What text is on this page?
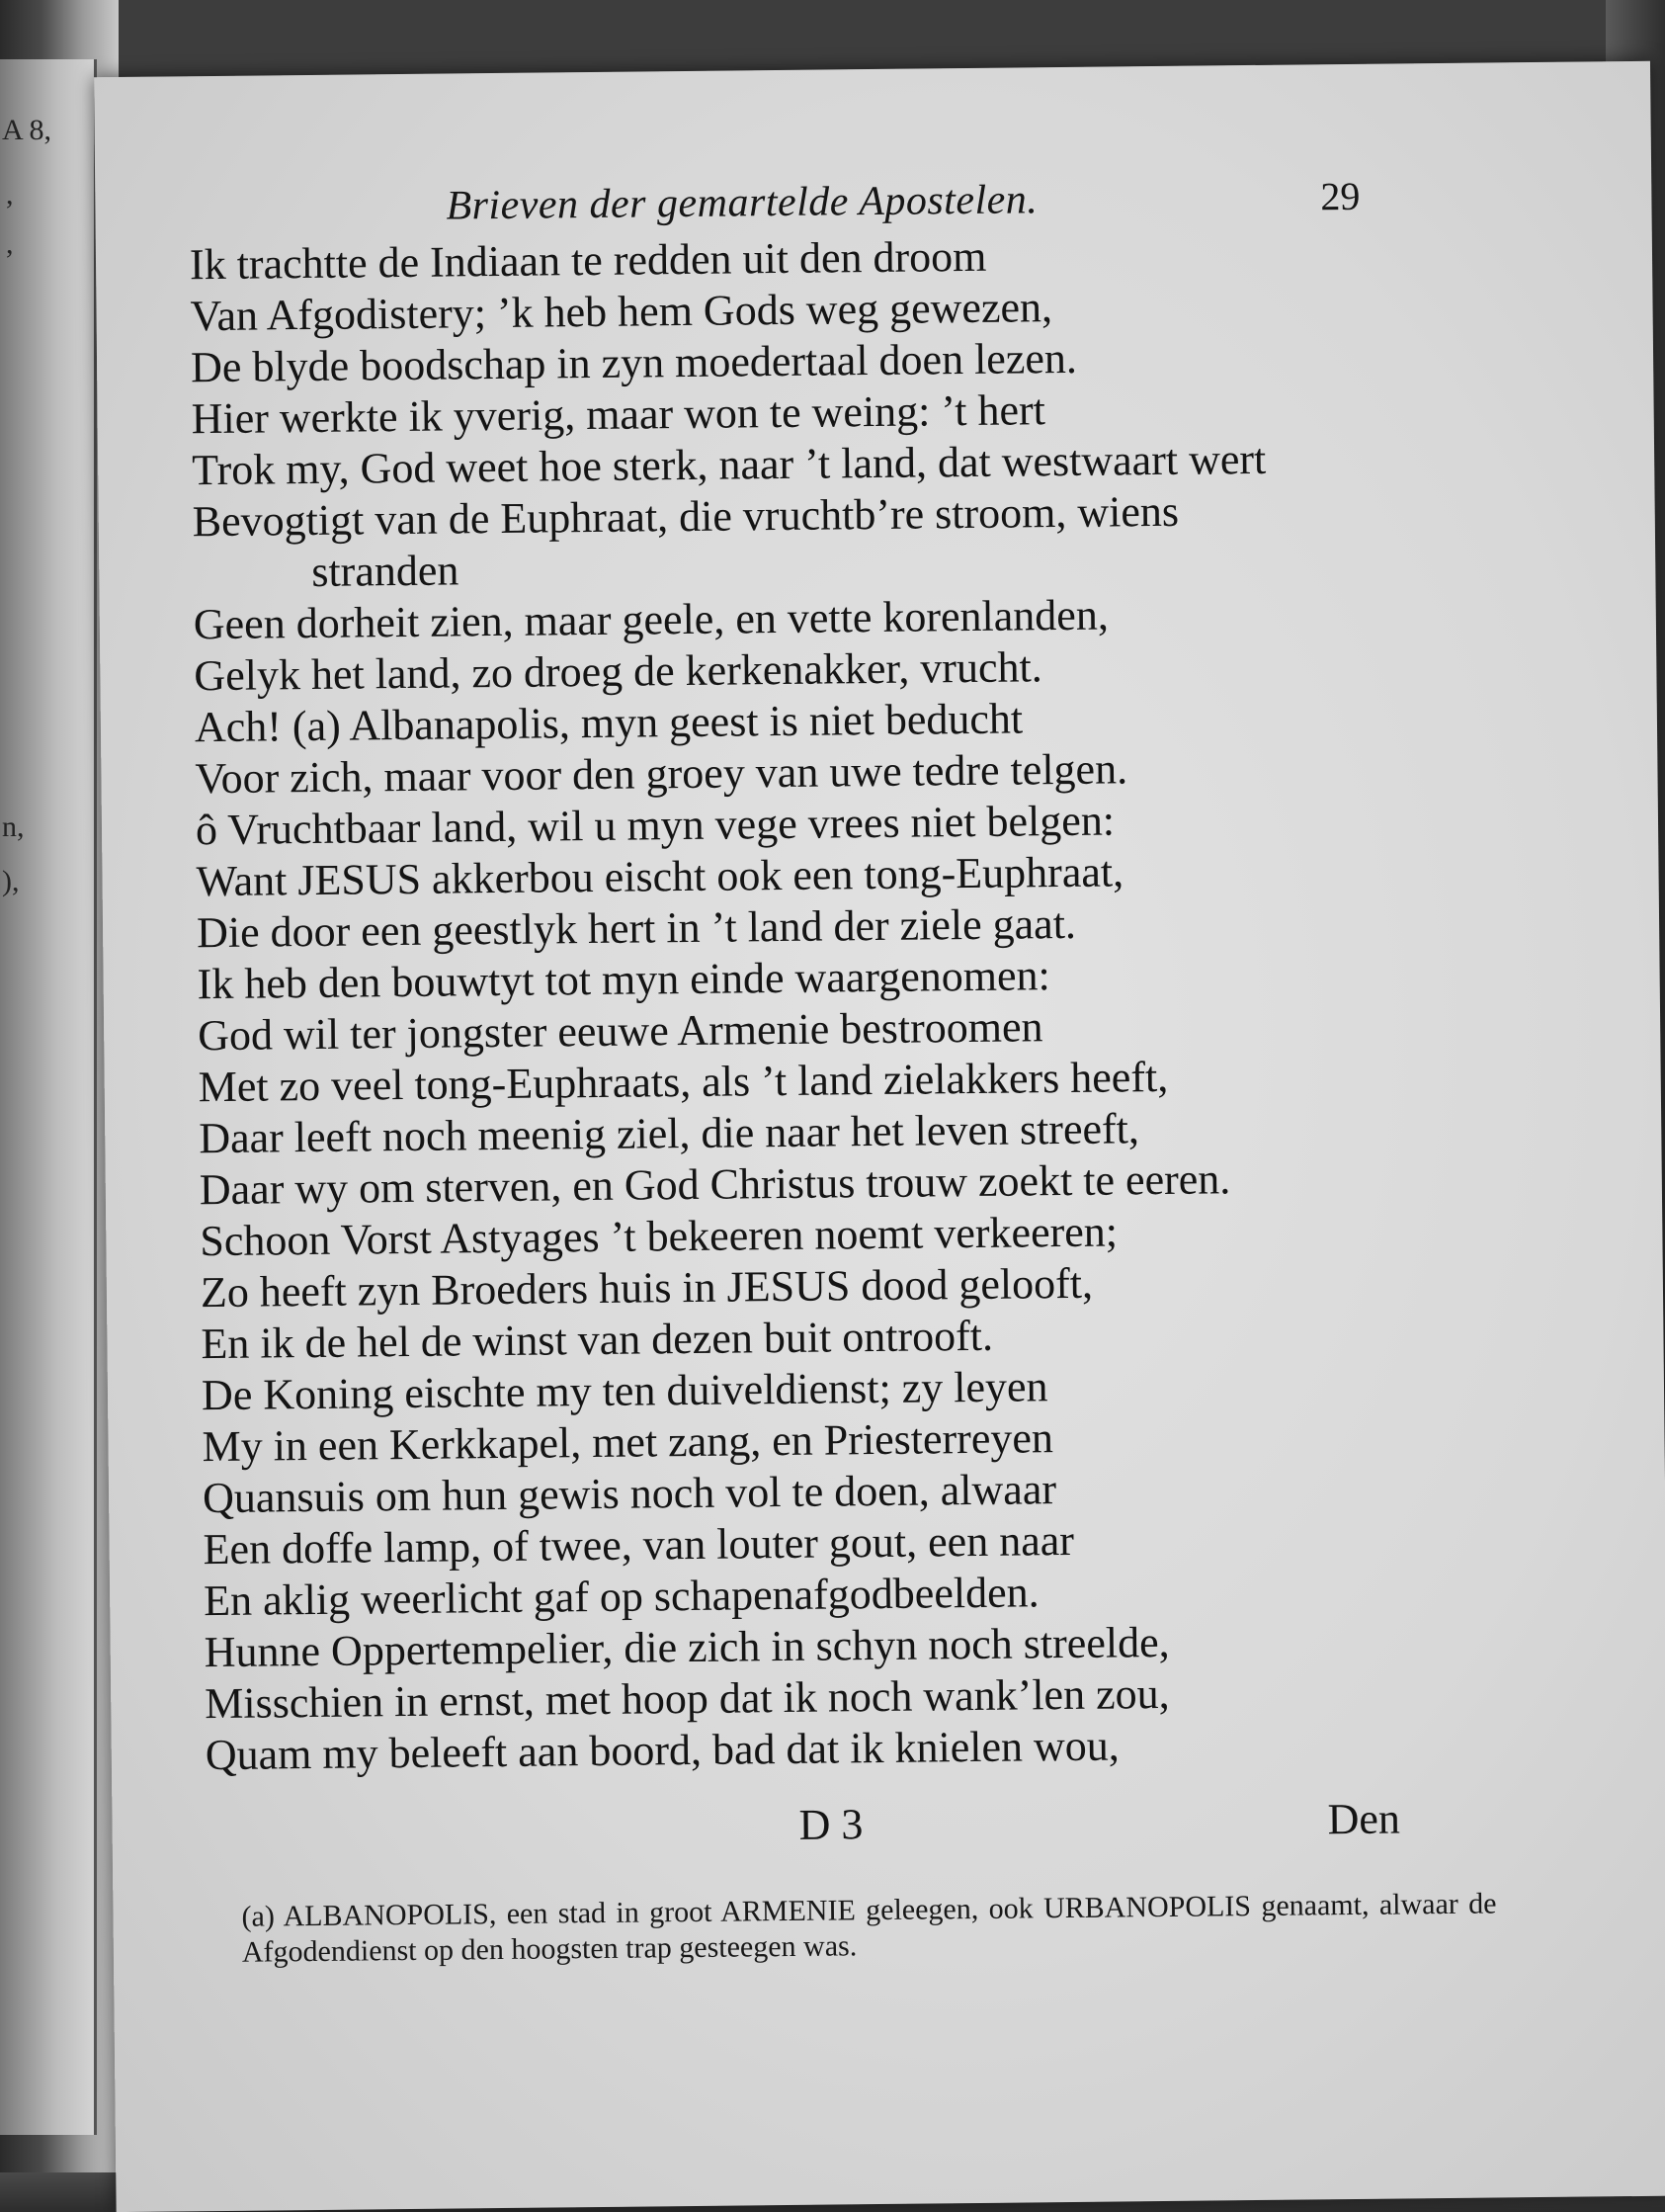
A 8,
,
,
n,
),
Brieven der gemartelde Apostelen.	29
Ik trachtte de Indiaan te redden uit den droom
Van Afgodistery; ’k heb hem Gods weg gewezen,
De blyde boodschap in zyn moedertaal doen lezen.
Hier werkte ik yverig, maar won te weing: ’t hert
Trok my, God weet hoe sterk, naar ’t land, dat westwaart wert
Bevogtigt van de Euphraat, die vruchtb’re stroom, wiens
stranden
Geen dorheit zien, maar geele, en vette korenlanden,
Gelyk het land, zo droeg de kerkenakker, vrucht.
Ach! (a) Albanapolis, myn geest is niet beducht
Voor zich, maar voor den groey van uwe tedre telgen.
ô Vruchtbaar land, wil u myn vege vrees niet belgen:
Want JESUS akkerbou eischt ook een tong-Euphraat,
Die door een geestlyk hert in ’t land der ziele gaat.
Ik heb den bouwtyt tot myn einde waargenomen:
God wil ter jongster eeuwe Armenie bestroomen
Met zo veel tong-Euphraats, als ’t land zielakkers heeft,
Daar leeft noch meenig ziel, die naar het leven streeft,
Daar wy om sterven, en God Christus trouw zoekt te eeren.
Schoon Vorst Astyages ’t bekeeren noemt verkeeren;
Zo heeft zyn Broeders huis in JESUS dood gelooft,
En ik de hel de winst van dezen buit ontrooft.
De Koning eischte my ten duiveldienst; zy leyen
My in een Kerkkapel, met zang, en Priesterreyen
Quansuis om hun gewis noch vol te doen, alwaar
Een doffe lamp, of twee, van louter gout, een naar
En aklig weerlicht gaf op schapenafgodbeelden.
Hunne Oppertempelier, die zich in schyn noch streelde,
Misschien in ernst, met hoop dat ik noch wank’len zou,
Quam my beleeft aan boord, bad dat ik knielen wou,
D 3	Den
(a) ALBANOPOLIS, een stad in groot ARMENIE geleegen, ook URBANOPOLIS genaamt, alwaar de Afgodendienst op den hoogsten trap gesteegen was.
